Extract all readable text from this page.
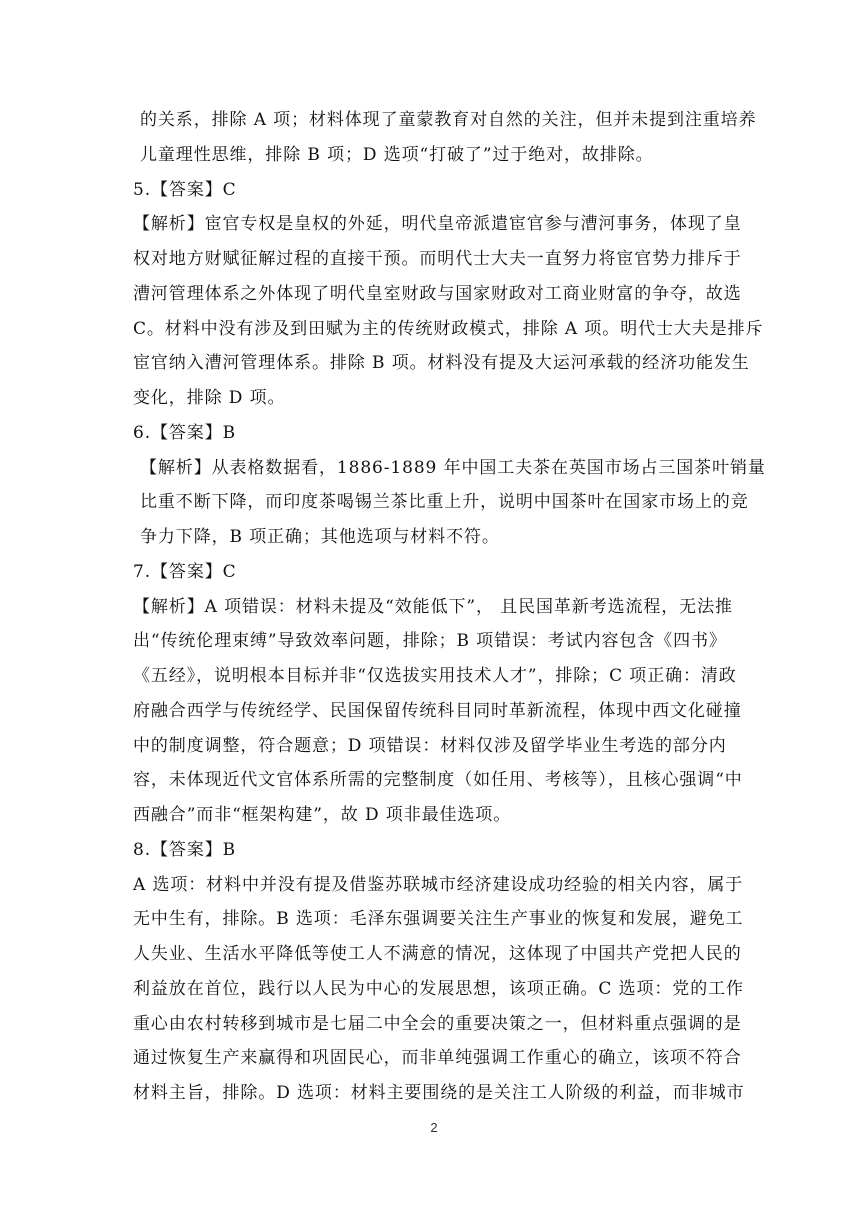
的关系，排除 A 项；材料体现了童蒙教育对自然的关注，但并未提到注重培养
儿童理性思维，排除 B 项；D 选项“打破了”过于绝对，故排除。
5.【答案】C
【解析】宦官专权是皇权的外延，明代皇帝派遣宦官参与漕河事务，体现了皇
权对地方财赋征解过程的直接干预。而明代士大夫一直努力将宦官势力排斥于
漕河管理体系之外体现了明代皇室财政与国家财政对工商业财富的争夺，故选
C。材料中没有涉及到田赋为主的传统财政模式，排除 A 项。明代士大夫是排斥
宦官纳入漕河管理体系。排除 B 项。材料没有提及大运河承载的经济功能发生
变化，排除 D 项。
6.【答案】B
【解析】从表格数据看，1886-1889 年中国工夫茶在英国市场占三国茶叶销量
比重不断下降，而印度茶喝锡兰茶比重上升，说明中国茶叶在国家市场上的竞
争力下降，B 项正确；其他选项与材料不符。
7.【答案】C
【解析】A 项错误：材料未提及“效能低下”， 且民国革新考选流程，无法推
出“传统伦理束缚”导致效率问题，排除；B 项错误：考试内容包含《四书》
《五经》，说明根本目标并非“仅选拔实用技术人才”，排除；C 项正确：清政
府融合西学与传统经学、民国保留传统科目同时革新流程，体现中西文化碰撞
中的制度调整，符合题意；D 项错误：材料仅涉及留学毕业生考选的部分内
容，未体现近代文官体系所需的完整制度（如任用、考核等），且核心强调“中
西融合”而非“框架构建”，故 D 项非最佳选项。
8.【答案】B
A 选项：材料中并没有提及借鉴苏联城市经济建设成功经验的相关内容，属于
无中生有，排除。B 选项：毛泽东强调要关注生产事业的恢复和发展，避免工
人失业、生活水平降低等使工人不满意的情况，这体现了中国共产党把人民的
利益放在首位，践行以人民为中心的发展思想，该项正确。C 选项：党的工作
重心由农村转移到城市是七届二中全会的重要决策之一，但材料重点强调的是
通过恢复生产来赢得和巩固民心，而非单纯强调工作重心的确立，该项不符合
材料主旨，排除。D 选项：材料主要围绕的是关注工人阶级的利益，而非城市
2
